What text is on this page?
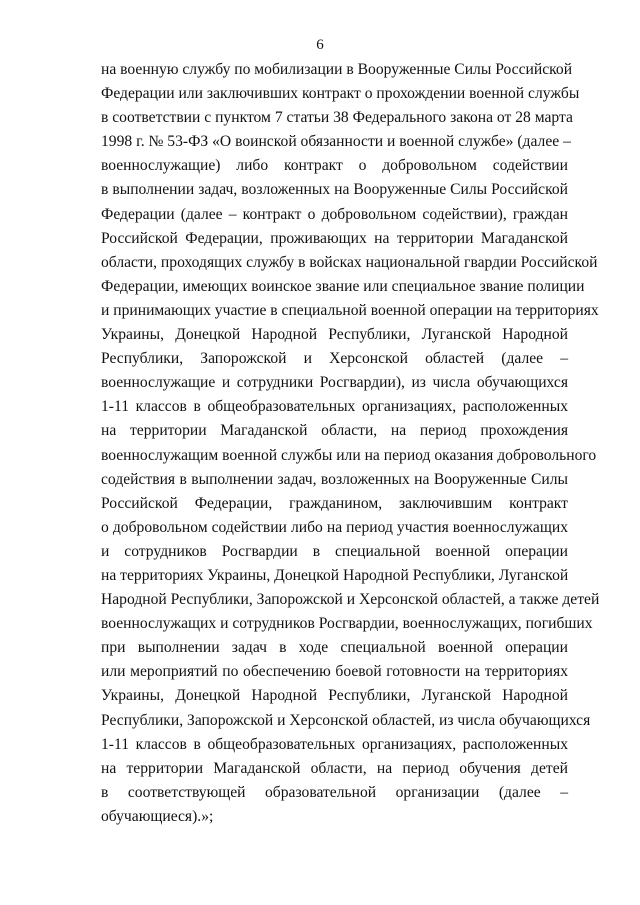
6
на военную службу по мобилизации в Вооруженные Силы Российской
Федерации или заключивших контракт о прохождении военной службы
в соответствии с пунктом 7 статьи 38 Федерального закона от 28 марта
1998 г. № 53-ФЗ «О воинской обязанности и военной службе» (далее –
военнослужащие) либо контракт о добровольном содействии
в выполнении задач, возложенных на Вооруженные Силы Российской
Федерации (далее – контракт о добровольном содействии), граждан
Российской Федерации, проживающих на территории Магаданской
области, проходящих службу в войсках национальной гвардии Российской
Федерации, имеющих воинское звание или специальное звание полиции
и принимающих участие в специальной военной операции на территориях
Украины, Донецкой Народной Республики, Луганской Народной
Республики, Запорожской и Херсонской областей (далее –
военнослужащие и сотрудники Росгвардии), из числа обучающихся
1-11 классов в общеобразовательных организациях, расположенных
на территории Магаданской области, на период прохождения
военнослужащим военной службы или на период оказания добровольного
содействия в выполнении задач, возложенных на Вооруженные Силы
Российской Федерации, гражданином, заключившим контракт
о добровольном содействии либо на период участия военнослужащих
и сотрудников Росгвардии в специальной военной операции
на территориях Украины, Донецкой Народной Республики, Луганской
Народной Республики, Запорожской и Херсонской областей, а также детей
военнослужащих и сотрудников Росгвардии, военнослужащих, погибших
при выполнении задач в ходе специальной военной операции
или мероприятий по обеспечению боевой готовности на территориях
Украины, Донецкой Народной Республики, Луганской Народной
Республики, Запорожской и Херсонской областей, из числа обучающихся
1-11 классов в общеобразовательных организациях, расположенных
на территории Магаданской области, на период обучения детей
в соответствующей образовательной организации (далее –
обучающиеся).»;
